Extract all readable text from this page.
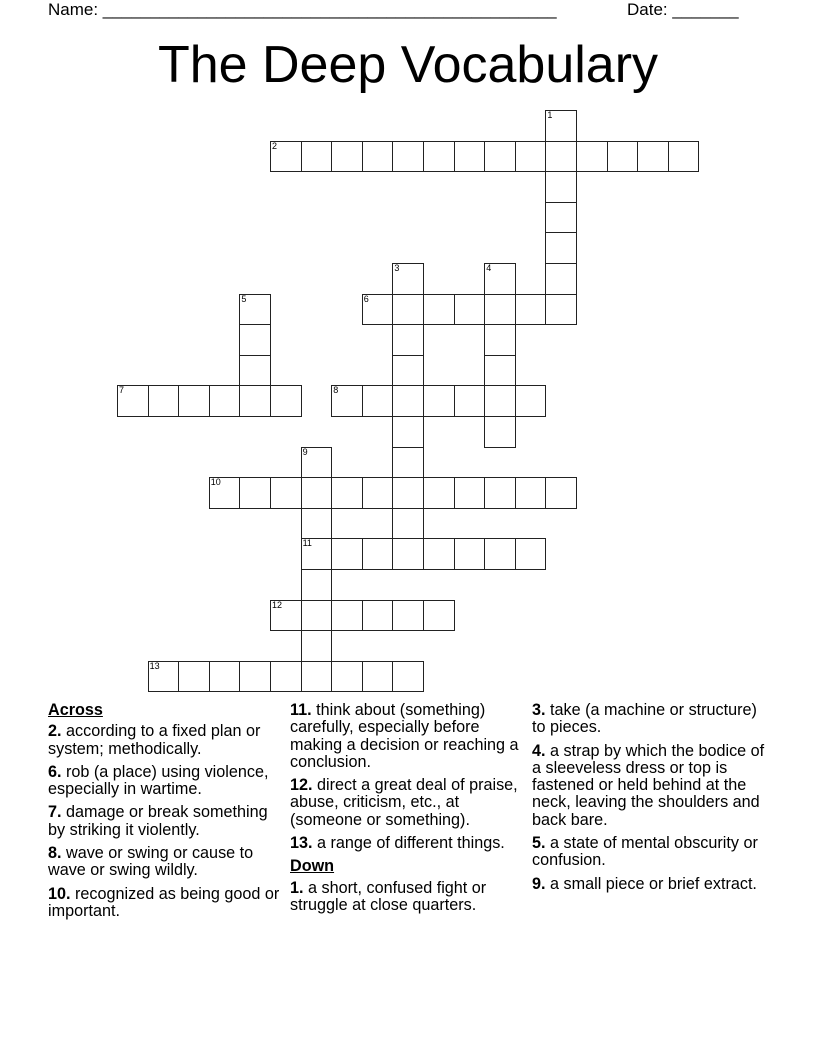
Name: ________________________________________________	Date: _______
The Deep Vocabulary
1
2
3	4
5	6
7	8
9
11
10
12
13
Across
2. according to a fixed plan or system; methodically.
6. rob (a place) using violence, especially in wartime.
7. damage or break something by striking it violently.
8. wave or swing or cause to wave or swing wildly.
10. recognized as being good or important.
11. think about (something) carefully, especially before making a decision or reaching a conclusion.
12. direct a great deal of praise, abuse, criticism, etc., at (someone or something).
13. a range of different things.
Down
1. a short, confused fight or struggle at close quarters.
3. take (a machine or structure) to pieces.
4. a strap by which the bodice of a sleeveless dress or top is fastened or held behind at the neck, leaving the shoulders and back bare.
5. a state of mental obscurity or confusion.
9. a small piece or brief extract.
